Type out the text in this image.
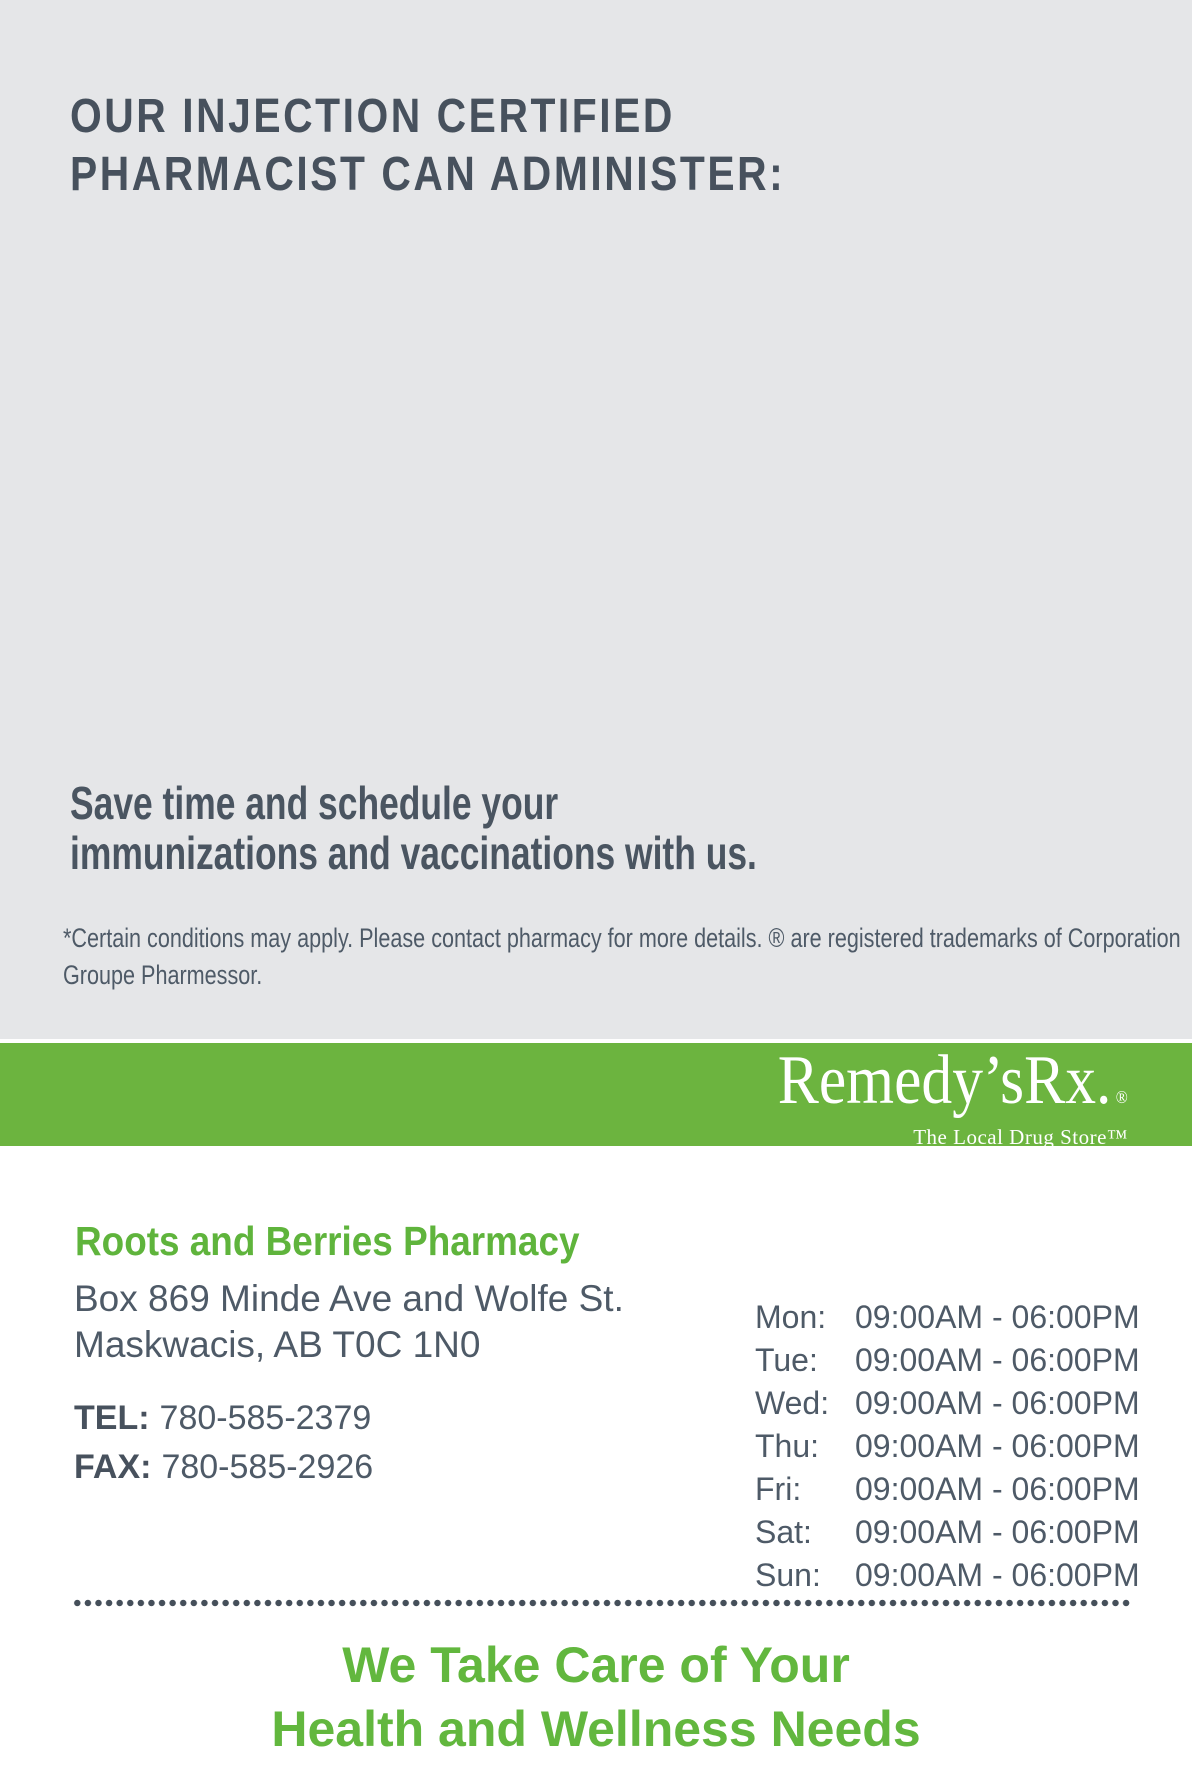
OUR INJECTION CERTIFIED
PHARMACIST CAN ADMINISTER:
Save time and schedule your
immunizations and vaccinations with us.

*Certain conditions may apply. Please contact pharmacy for more details. ® are registered trademarks of Corporation Groupe Pharmessor.

Remedy’sRx. ®
The Local Drug Store™
Roots and Berries Pharmacy

Box 869 Minde Ave and Wolfe St.
Maskwacis, AB T0C 1N0

TEL: 780-585-2379
FAX: 780-585-2926

Mon: 09:00AM - 06:00PM
Tue:	09:00AM - 06:00PM
Wed: 09:00AM - 06:00PM
Thu:	09:00AM - 06:00PM
Fri:	09:00AM - 06:00PM
Sat:	09:00AM - 06:00PM
Sun:	09:00AM - 06:00PM

We Take Care of Your
Health and Wellness Needs
